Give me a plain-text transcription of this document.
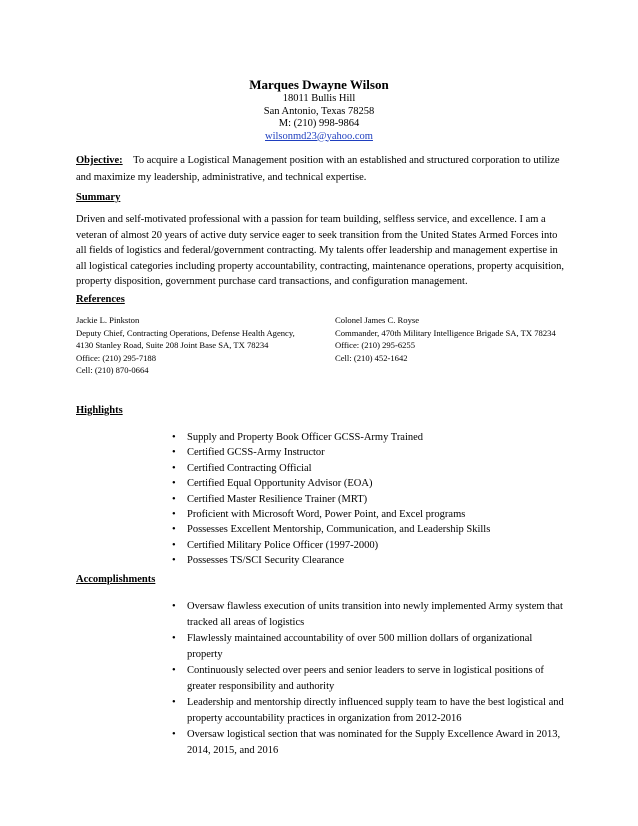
Marques Dwayne Wilson
18011 Bullis Hill
San Antonio, Texas 78258
M: (210) 998-9864
wilsonmd23@yahoo.com
Objective: To acquire a Logistical Management position with an established and structured corporation to utilize and maximize my leadership, administrative, and technical expertise.
Summary
Driven and self-motivated professional with a passion for team building, selfless service, and excellence. I am a veteran of almost 20 years of active duty service eager to seek transition from the United States Armed Forces into all fields of logistics and federal/government contracting. My talents offer leadership and management expertise in all logistical categories including property accountability, contracting, maintenance operations, property acquisition, property disposition, government purchase card transactions, and configuration management.
References
Jackie L. Pinkston
Deputy Chief, Contracting Operations, Defense Health Agency,
4130 Stanley Road, Suite 208 Joint Base SA, TX 78234
Office: (210) 295-7188
Cell: (210) 870-0664
Colonel James C. Royse
Commander, 470th Military Intelligence Brigade SA, TX 78234
Office: (210) 295-6255
Cell: (210) 452-1642
Highlights
• Supply and Property Book Officer GCSS-Army Trained
• Certified GCSS-Army Instructor
• Certified Contracting Official
• Certified Equal Opportunity Advisor (EOA)
• Certified Master Resilience Trainer (MRT)
• Proficient with Microsoft Word, Power Point, and Excel programs
• Possesses Excellent Mentorship, Communication, and Leadership Skills
• Certified Military Police Officer (1997-2000)
• Possesses TS/SCI Security Clearance
Accomplishments
• Oversaw flawless execution of units transition into newly implemented Army system that tracked all areas of logistics
• Flawlessly maintained accountability of over 500 million dollars of organizational property
• Continuously selected over peers and senior leaders to serve in logistical positions of greater responsibility and authority
• Leadership and mentorship directly influenced supply team to have the best logistical and property accountability practices in organization from 2012-2016
• Oversaw logistical section that was nominated for the Supply Excellence Award in 2013, 2014, 2015, and 2016
